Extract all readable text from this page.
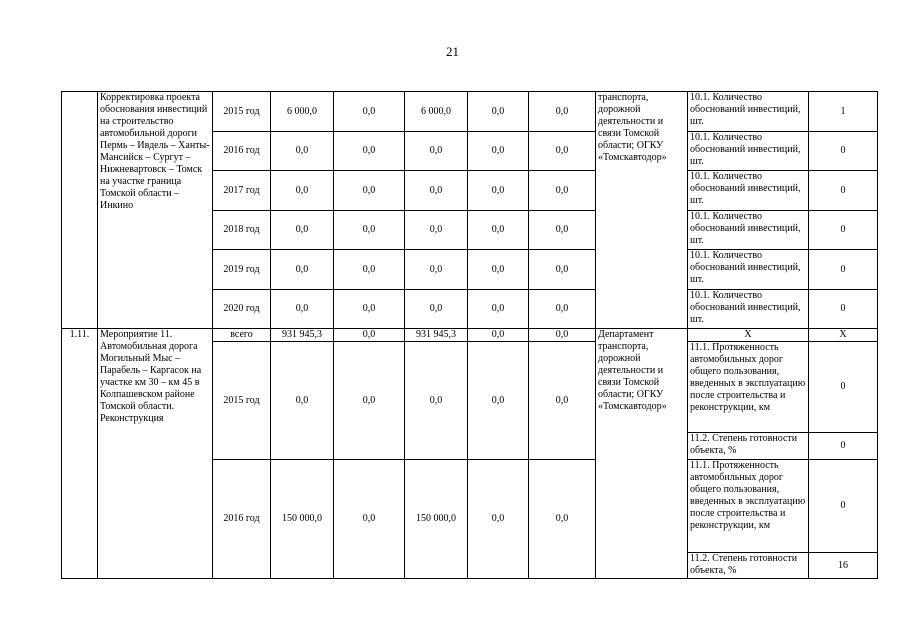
21
	Корректировка проекта обоснования инвестиций на строительство автомобильной дороги Пермь – Ивдель – Ханты-Мансийск – Сургут – Нижневартовск – Томск на участке граница Томской области – Инкино	2015 год	6 000,0	0,0	6 000,0	0,0	0,0	транспорта, дорожной деятельности и связи Томской области; ОГКУ «Томскавтодор»	10.1. Количество обоснований инвестиций, шт.	1
		2016 год	0,0	0,0	0,0	0,0	0,0		10.1. Количество обоснований инвестиций, шт.	0
		2017 год	0,0	0,0	0,0	0,0	0,0		10.1. Количество обоснований инвестиций, шт.	0
		2018 год	0,0	0,0	0,0	0,0	0,0		10.1. Количество обоснований инвестиций, шт.	0
		2019 год	0,0	0,0	0,0	0,0	0,0		10.1. Количество обоснований инвестиций, шт.	0
		2020 год	0,0	0,0	0,0	0,0	0,0		10.1. Количество обоснований инвестиций, шт.	0
1.11.	Мероприятие 11. Автомобильная дорога Могильный Мыс – Парабель – Каргасок на участке км 30 – км 45 в Колпашевском районе Томской области. Реконструкция	всего	931 945,3	0,0	931 945,3	0,0	0,0	Департамент транспорта, дорожной деятельности и связи Томской области; ОГКУ «Томскавтодор»	Х	Х
		2015 год	0,0	0,0	0,0	0,0	0,0		11.1. Протяженность автомобильных дорог общего пользования, введенных в эксплуатацию после строительства и реконструкции, км	0
									11.2. Степень готовности объекта, %	0
		2016 год	150 000,0	0,0	150 000,0	0,0	0,0		11.1. Протяженность автомобильных дорог общего пользования, введенных в эксплуатацию после строительства и реконструкции, км	0
									11.2. Степень готовности объекта, %	16
